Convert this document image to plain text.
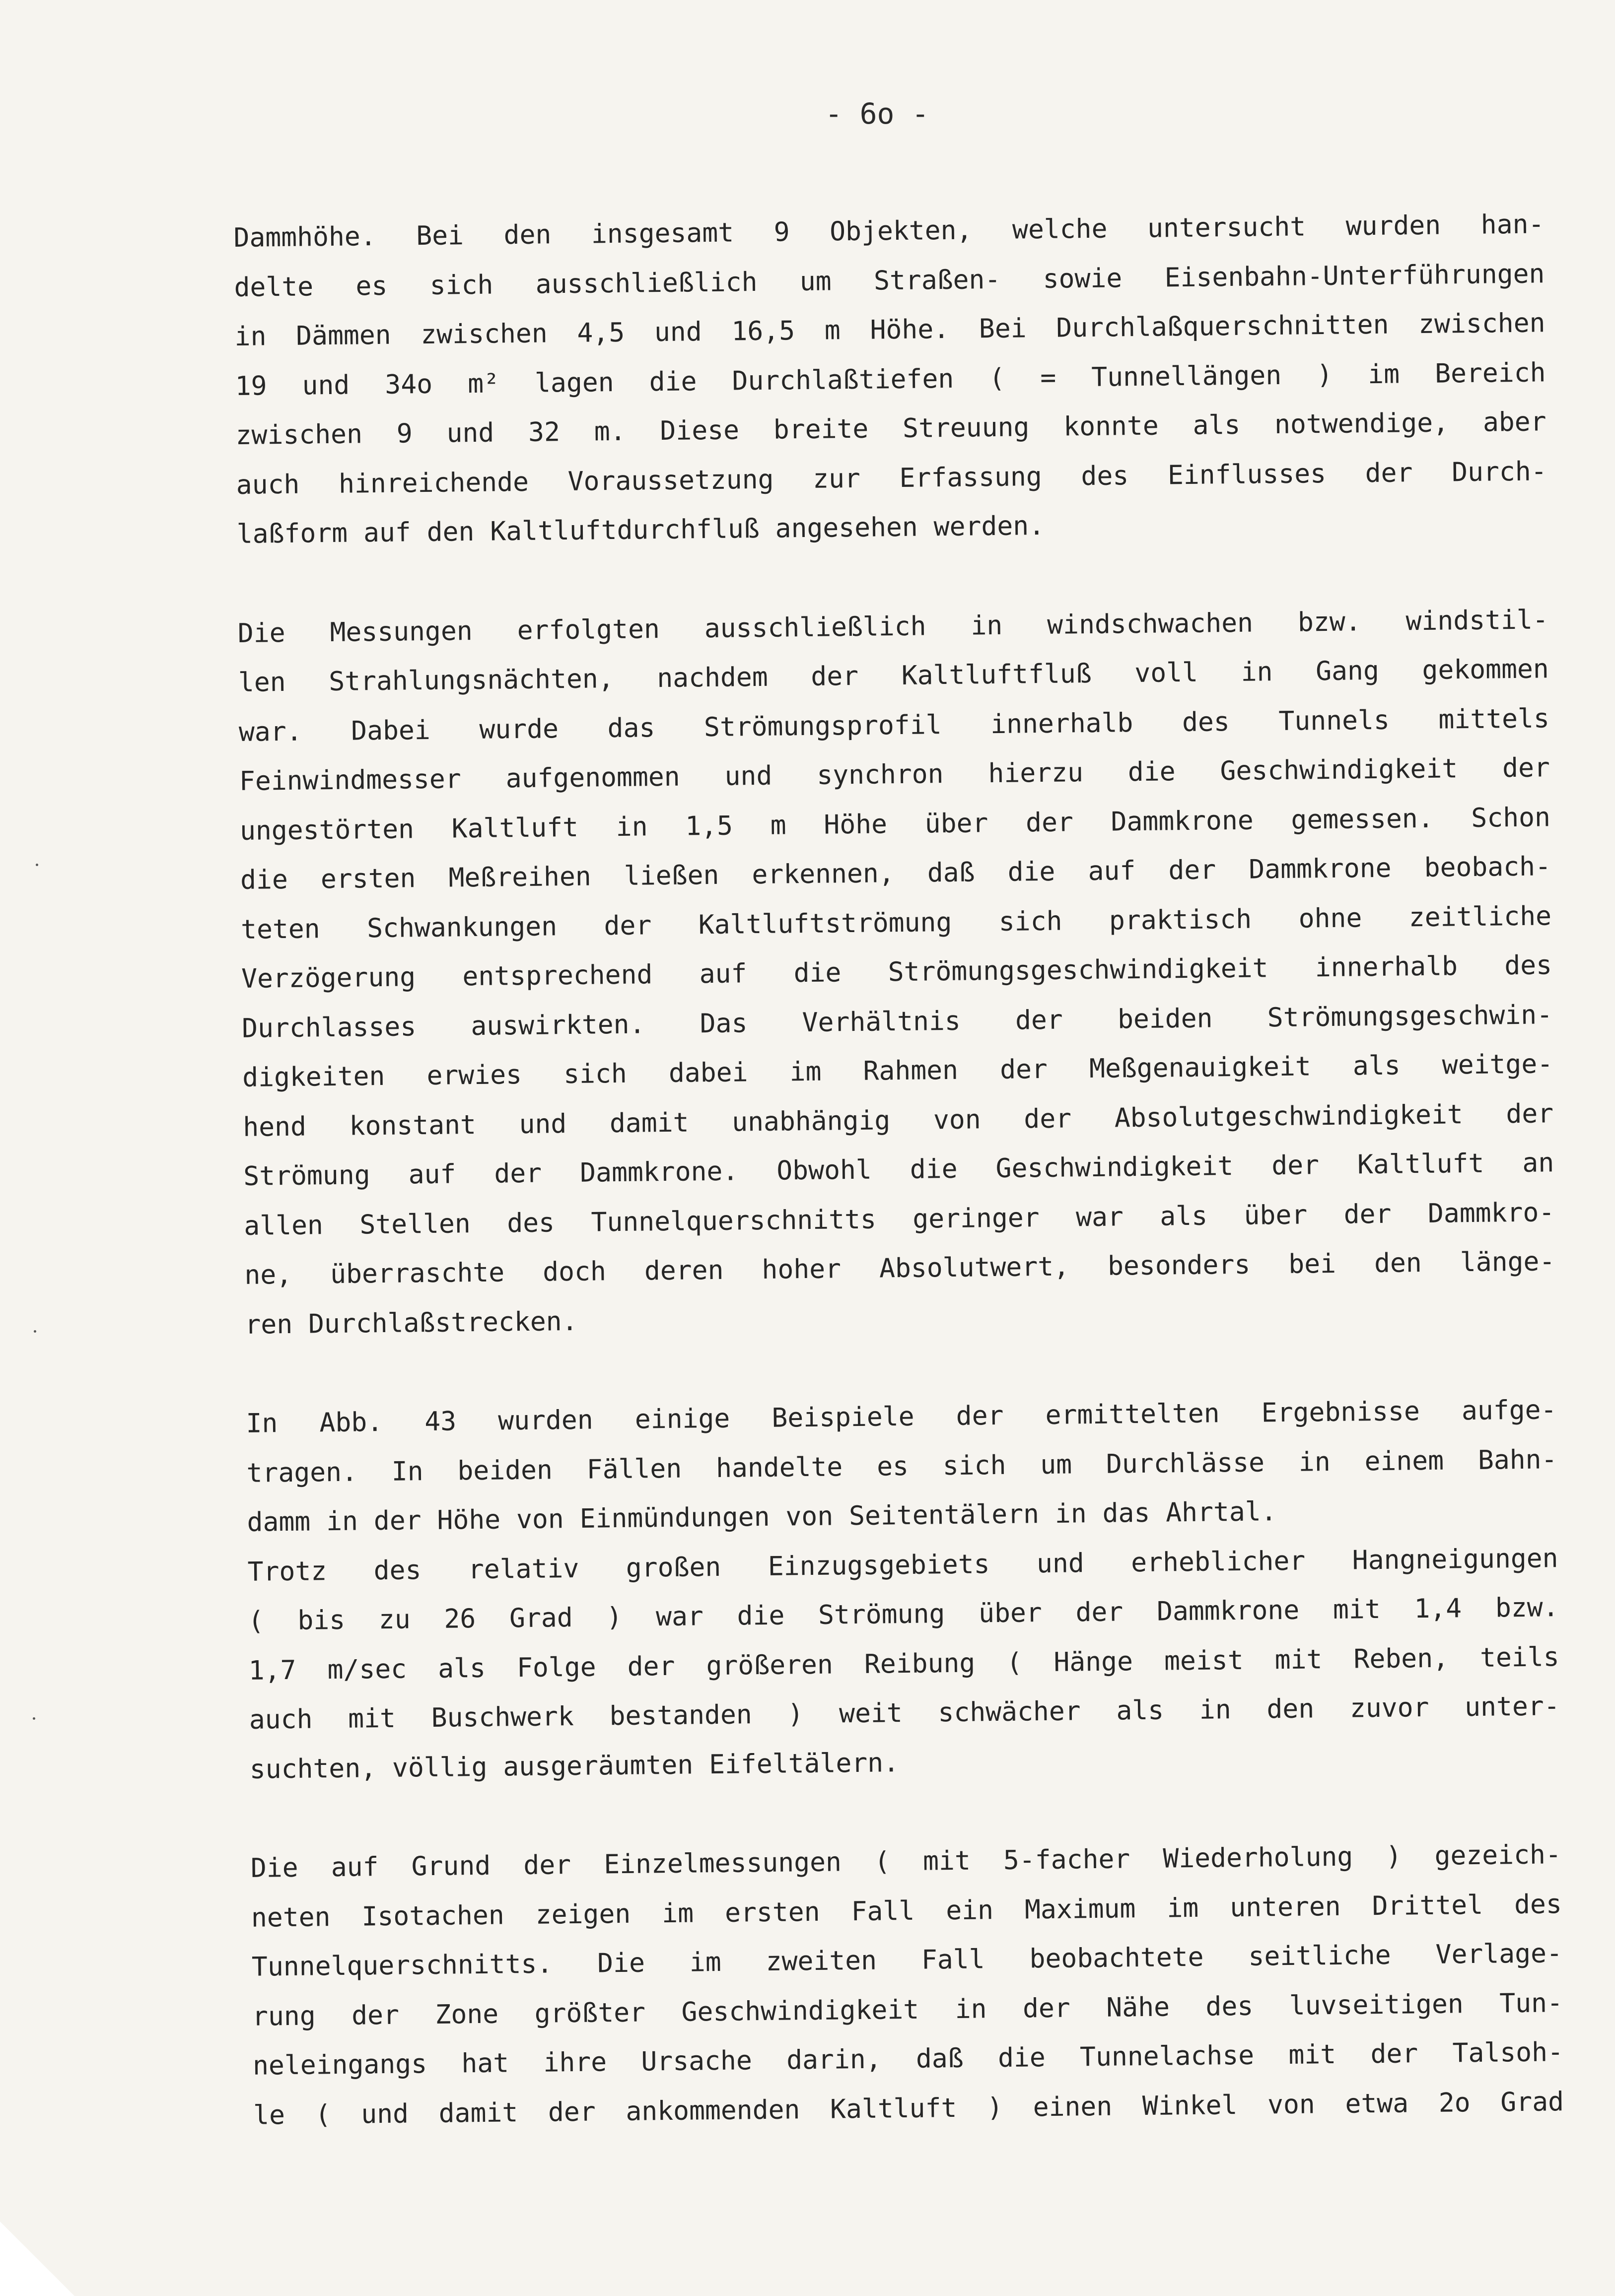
- 6o -
Dammhöhe. Bei den insgesamt 9 Objekten, welche untersucht wurden han-
delte es sich ausschließlich um Straßen- sowie Eisenbahn-Unterführungen
in Dämmen zwischen 4,5 und 16,5 m Höhe. Bei Durchlaßquerschnitten zwischen
19 und 34o m² lagen die Durchlaßtiefen ( = Tunnellängen ) im Bereich
zwischen 9 und 32 m. Diese breite Streuung konnte als notwendige, aber
auch hinreichende Voraussetzung zur Erfassung des Einflusses der Durch-
laßform auf den Kaltluftdurchfluß angesehen werden.
Die Messungen erfolgten ausschließlich in windschwachen bzw. windstil-
len Strahlungsnächten, nachdem der Kaltluftfluß voll in Gang gekommen
war. Dabei wurde das Strömungsprofil innerhalb des Tunnels mittels
Feinwindmesser aufgenommen und synchron hierzu die Geschwindigkeit der
ungestörten Kaltluft in 1,5 m Höhe über der Dammkrone gemessen. Schon
die ersten Meßreihen ließen erkennen, daß die auf der Dammkrone beobach-
teten Schwankungen der Kaltluftströmung sich praktisch ohne zeitliche
Verzögerung entsprechend auf die Strömungsgeschwindigkeit innerhalb des
Durchlasses auswirkten. Das Verhältnis der beiden Strömungsgeschwin-
digkeiten erwies sich dabei im Rahmen der Meßgenauigkeit als weitge-
hend konstant und damit unabhängig von der Absolutgeschwindigkeit der
Strömung auf der Dammkrone. Obwohl die Geschwindigkeit der Kaltluft an
allen Stellen des Tunnelquerschnitts geringer war als über der Dammkro-
ne, überraschte doch deren hoher Absolutwert, besonders bei den länge-
ren Durchlaßstrecken.
In Abb. 43 wurden einige Beispiele der ermittelten Ergebnisse aufge-
tragen. In beiden Fällen handelte es sich um Durchlässe in einem Bahn-
damm in der Höhe von Einmündungen von Seitentälern in das Ahrtal.
Trotz des relativ großen Einzugsgebiets und erheblicher Hangneigungen
( bis zu 26 Grad ) war die Strömung über der Dammkrone mit 1,4 bzw.
1,7 m/sec als Folge der größeren Reibung ( Hänge meist mit Reben, teils
auch mit Buschwerk bestanden ) weit schwächer als in den zuvor unter-
suchten, völlig ausgeräumten Eifeltälern.
Die auf Grund der Einzelmessungen ( mit 5-facher Wiederholung ) gezeich-
neten Isotachen zeigen im ersten Fall ein Maximum im unteren Drittel des
Tunnelquerschnitts. Die im zweiten Fall beobachtete seitliche Verlage-
rung der Zone größter Geschwindigkeit in der Nähe des luvseitigen Tun-
neleingangs hat ihre Ursache darin, daß die Tunnelachse mit der Talsoh-
le ( und damit der ankommenden Kaltluft ) einen Winkel von etwa 2o Grad
